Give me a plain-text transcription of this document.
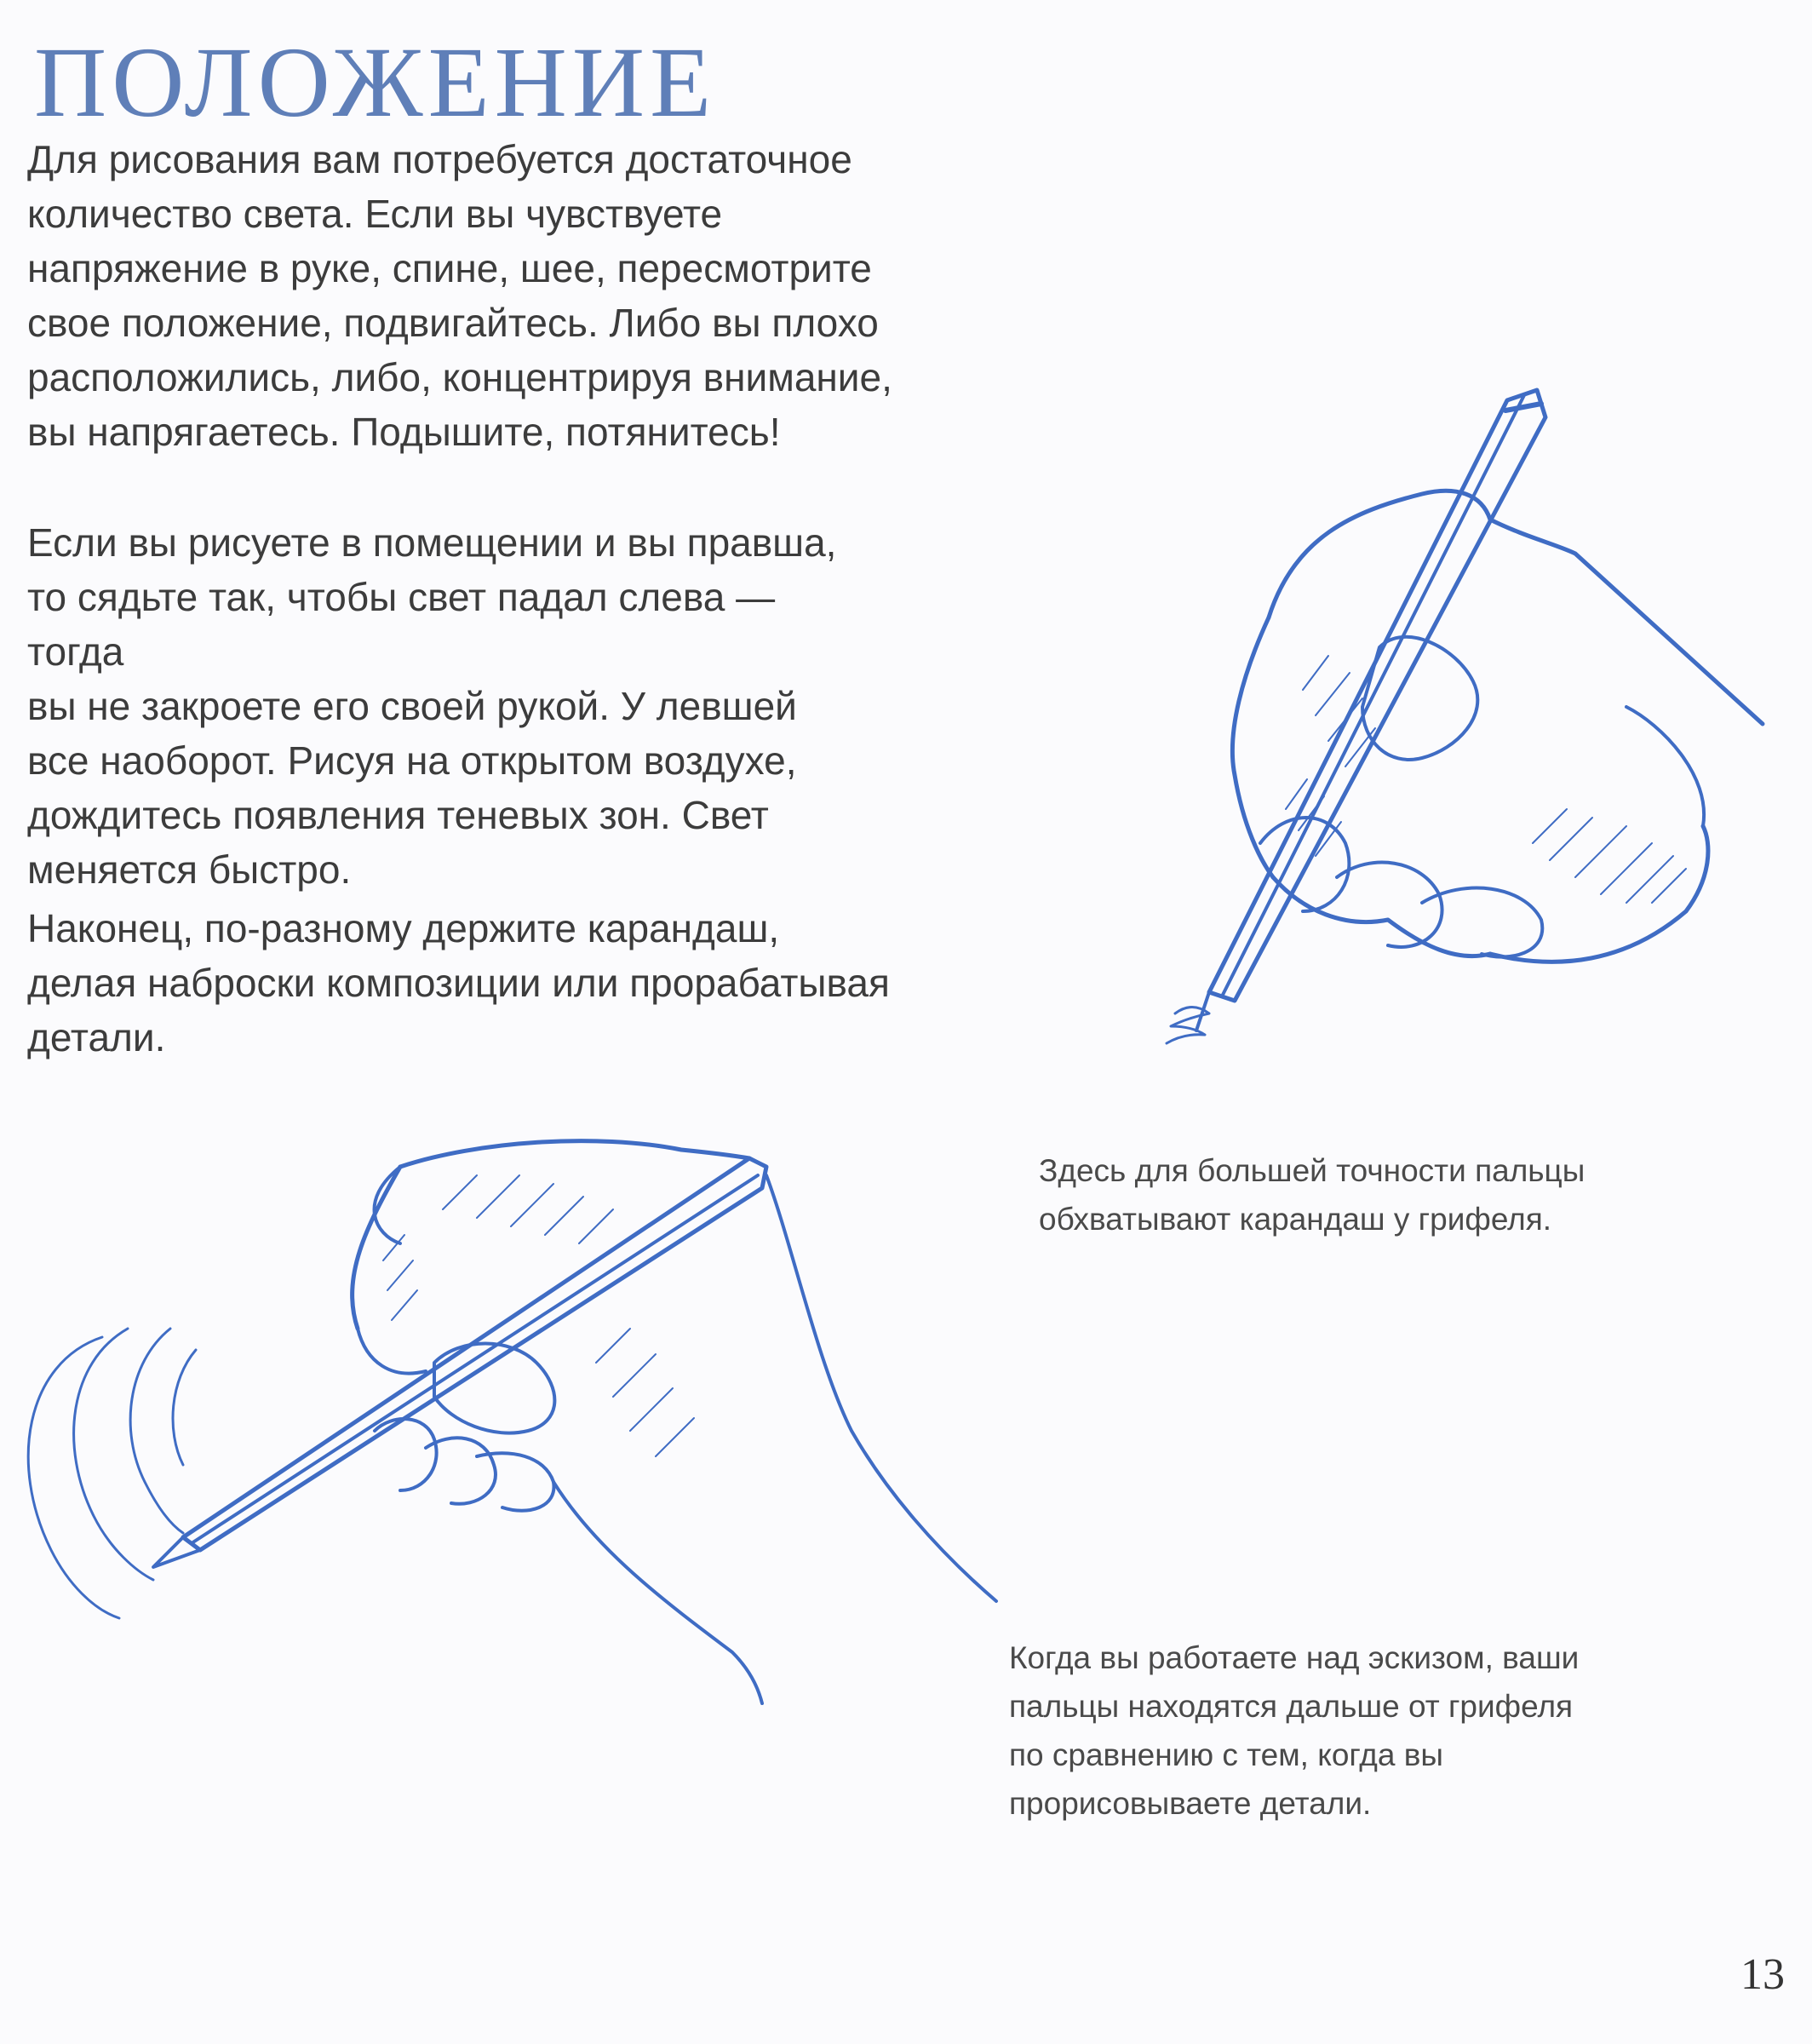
ПОЛОЖЕНИЕ

Для рисования вам потребуется достаточное
количество света. Если вы чувствуете
напряжение в руке, спине, шее, пересмотрите
свое положение, подвигайтесь. Либо вы плохо
расположились, либо, концентрируя внимание,
вы напрягаетесь. Подышите, потянитесь!

Если вы рисуете в помещении и вы правша,
то сядьте так, чтобы свет падал слева — тогда
вы не закроете его своей рукой. У левшей
все наоборот. Рисуя на открытом воздухе,
дождитесь появления теневых зон. Свет
меняется быстро.

Наконец, по-разному держите карандаш,
делая наброски композиции или прорабатывая
детали.

Здесь для большей точности пальцы
обхватывают карандаш у грифеля.

Когда вы работаете над эскизом, ваши
пальцы находятся дальше от грифеля
по сравнению с тем, когда вы
прорисовываете детали.

13
